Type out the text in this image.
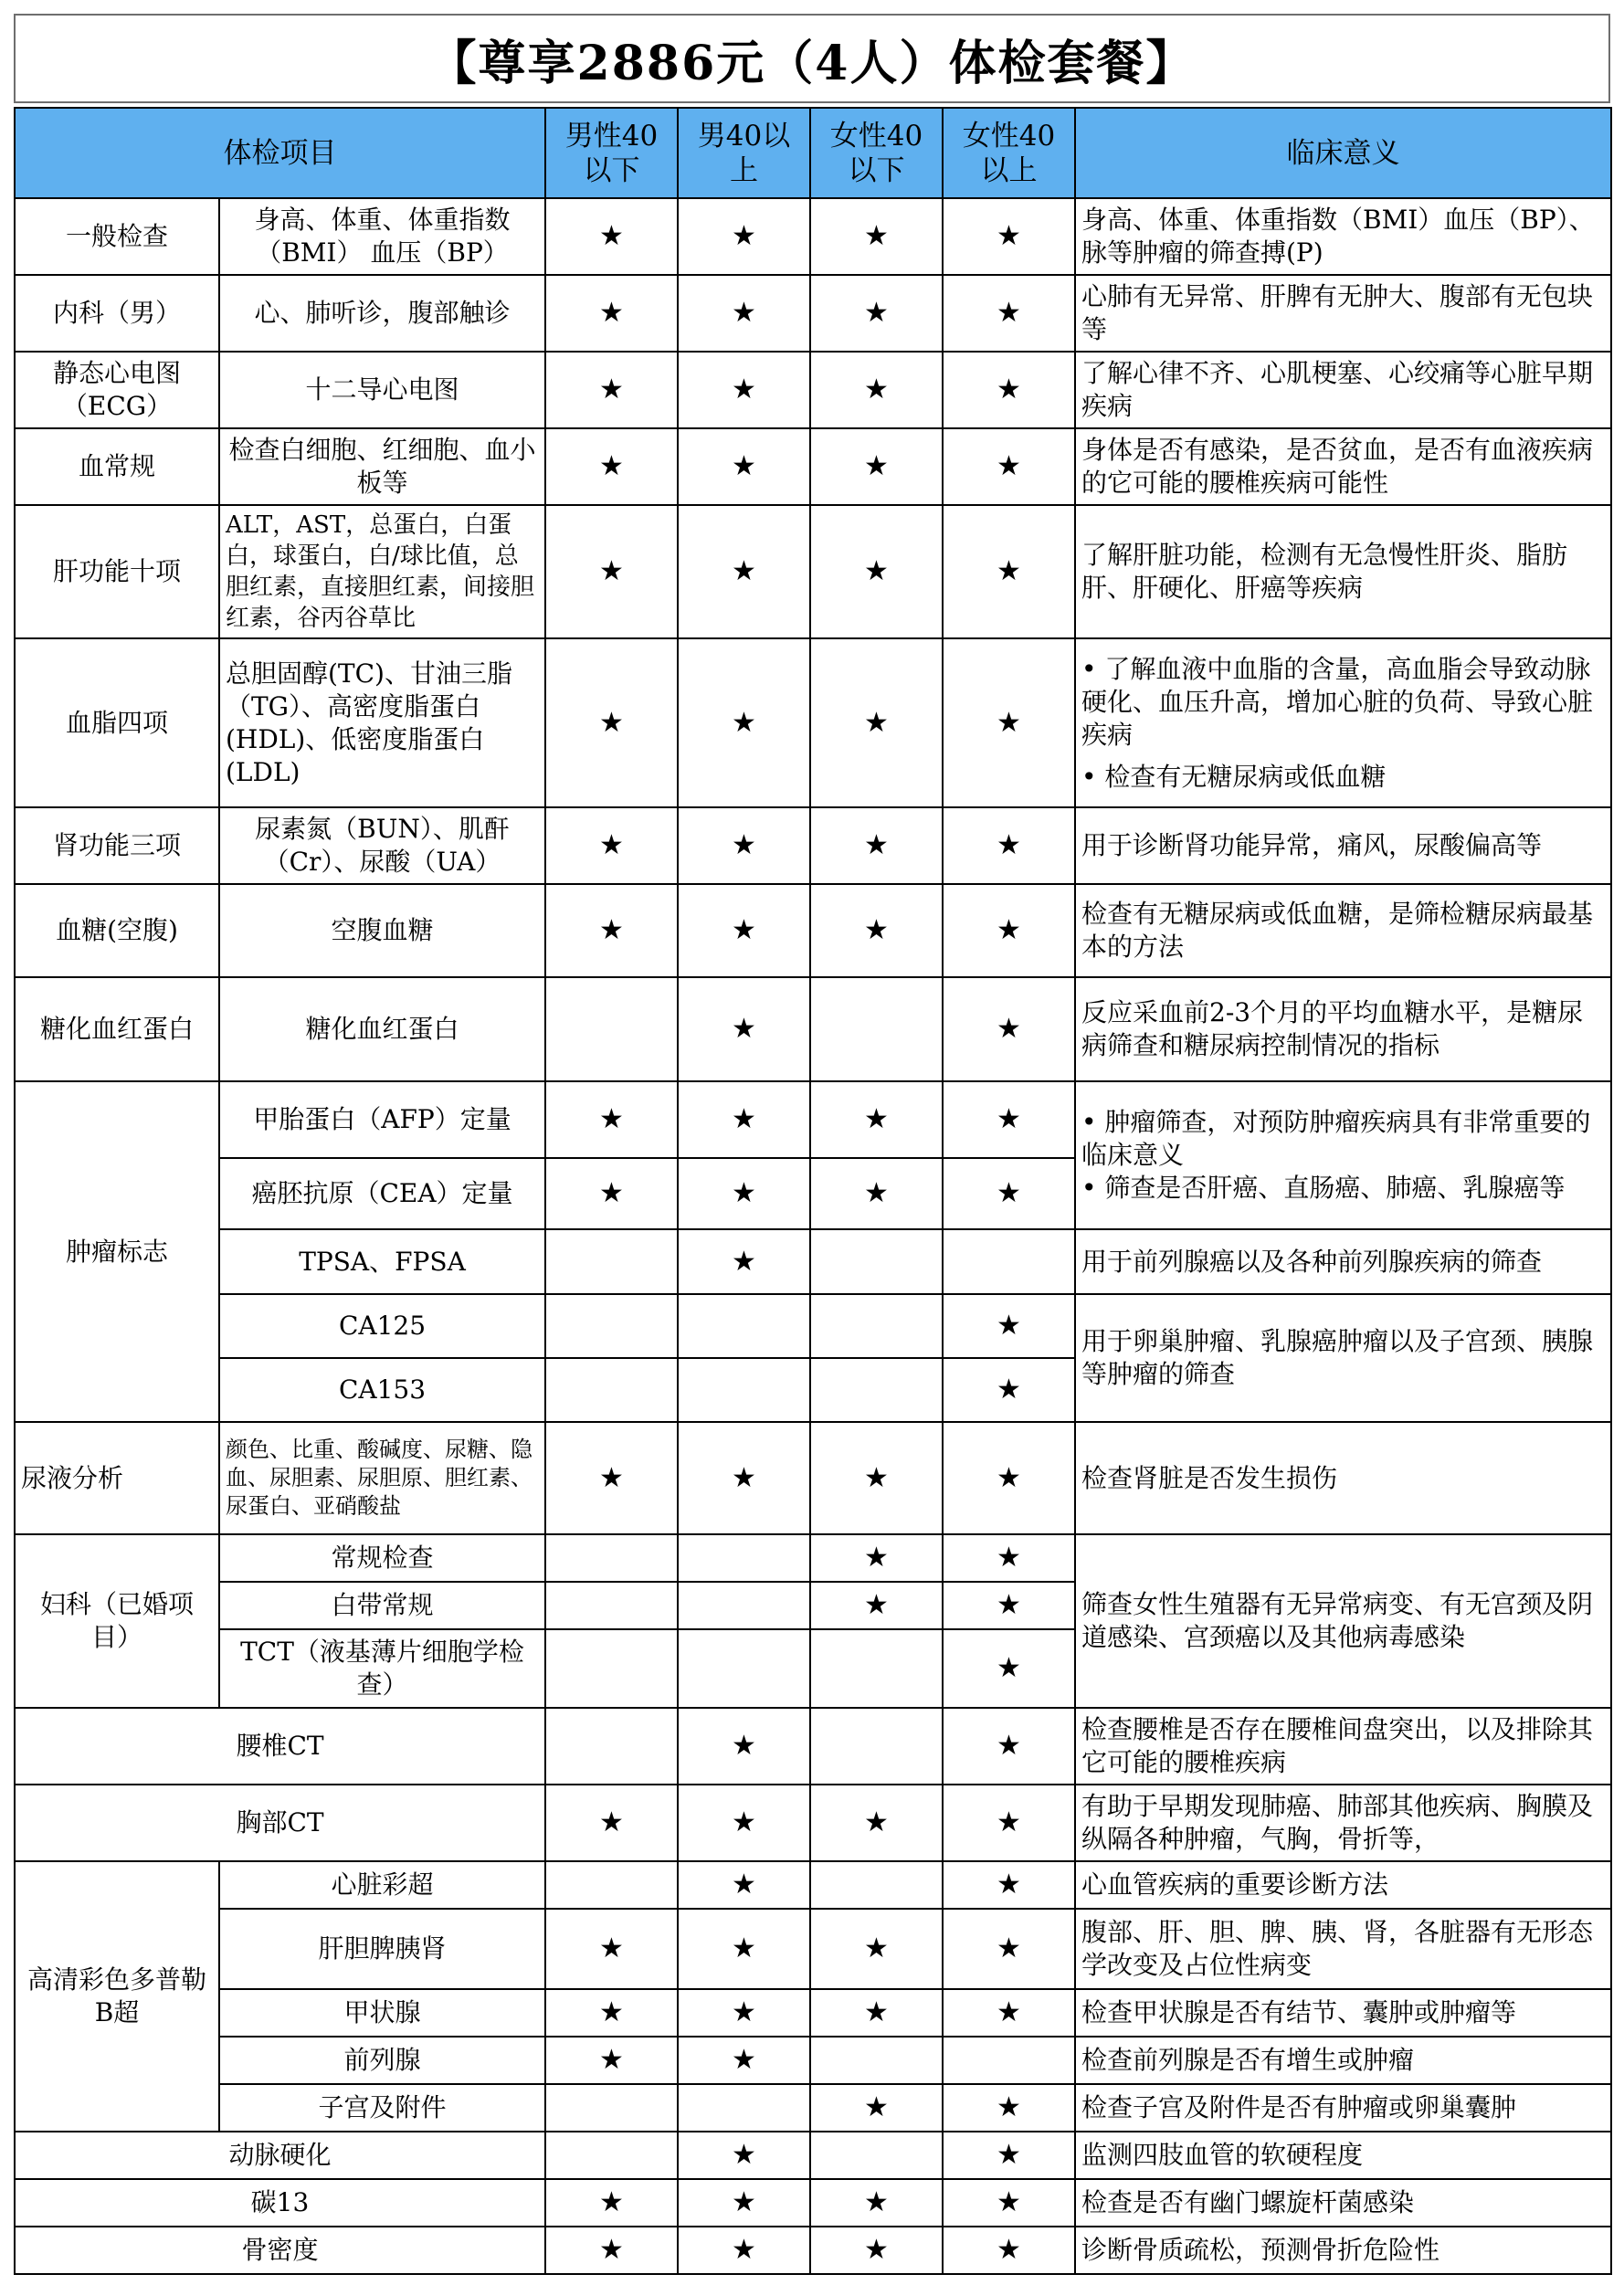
【尊享2886元（4人）体检套餐】
体检项目		男性40以下	男40以上	女性40以下	女性40以上	临床意义
一般检查	身高、体重、体重指数（BMI） 血压（BP）	★	★	★	★	身高、体重、体重指数（BMI）血压（BP）、脉等肿瘤的筛查搏(P)
内科（男）	心、肺听诊，腹部触诊	★	★	★	★	心肺有无异常、肝脾有无肿大、腹部有无包块等
静态心电图（ECG）	十二导心电图	★	★	★	★	了解心律不齐、心肌梗塞、心绞痛等心脏早期疾病
血常规	检查白细胞、红细胞、血小板等	★	★	★	★	身体是否有感染，是否贫血，是否有血液疾病的它可能的腰椎疾病可能性
肝功能十项	ALT，AST，总蛋白，白蛋白，球蛋白，白/球比值，总胆红素，直接胆红素，间接胆红素，谷丙谷草比	★	★	★	★	了解肝脏功能，检测有无急慢性肝炎、脂肪肝、肝硬化、肝癌等疾病
血脂四项	总胆固醇(TC)、甘油三脂（TG）、高密度脂蛋白(HDL)、低密度脂蛋白(LDL)	★	★	★	★	• 了解血液中血脂的含量，高血脂会导致动脉硬化、血压升高，增加心脏的负荷、导致心脏疾病
• 检查有无糖尿病或低血糖

肾功能三项	尿素氮（BUN）、肌酐（Cr）、尿酸（UA）	★	★	★	★	用于诊断肾功能异常，痛风，尿酸偏高等
血糖(空腹)	空腹血糖	★	★	★	★	检查有无糖尿病或低血糖，是筛检糖尿病最基本的方法
糖化血红蛋白	糖化血红蛋白		★		★	反应采血前2-3个月的平均血糖水平，是糖尿病筛查和糖尿病控制情况的指标
肿瘤标志	甲胎蛋白（AFP）定量	★	★	★	★	• 肿瘤筛查，对预防肿瘤疾病具有非常重要的临床意义
• 筛查是否肝癌、直肠癌、肺癌、乳腺癌等

	癌胚抗原（CEA）定量	★	★	★	★	
	TPSA、FPSA		★			用于前列腺癌以及各种前列腺疾病的筛查
	CA125				★	用于卵巢肿瘤、乳腺癌肿瘤以及子宫颈、胰腺等肿瘤的筛查
	CA153				★	
尿液分析	颜色、比重、酸碱度、尿糖、隐血、尿胆素、尿胆原、胆红素、尿蛋白、亚硝酸盐	★	★	★	★	检查肾脏是否发生损伤
妇科（已婚项目）	常规检查			★	★	筛查女性生殖器有无异常病变、有无宫颈及阴道感染、宫颈癌以及其他病毒感染
	白带常规			★	★	
	TCT（液基薄片细胞学检查）				★	
腰椎CT			★		★	检查腰椎是否存在腰椎间盘突出，以及排除其它可能的腰椎疾病
胸部CT		★	★	★	★	有助于早期发现肺癌、肺部其他疾病、胸膜及纵隔各种肿瘤，气胸，骨折等，
高清彩色多普勒B超	心脏彩超		★		★	心血管疾病的重要诊断方法
	肝胆脾胰肾	★	★	★	★	腹部、肝、胆、脾、胰、肾，各脏器有无形态学改变及占位性病变
	甲状腺	★	★	★	★	检查甲状腺是否有结节、囊肿或肿瘤等
	前列腺	★	★			检查前列腺是否有增生或肿瘤
	子宫及附件			★	★	检查子宫及附件是否有肿瘤或卵巢囊肿
动脉硬化			★		★	监测四肢血管的软硬程度
碳13		★	★	★	★	检查是否有幽门螺旋杆菌感染
骨密度		★	★	★	★	诊断骨质疏松，预测骨折危险性
